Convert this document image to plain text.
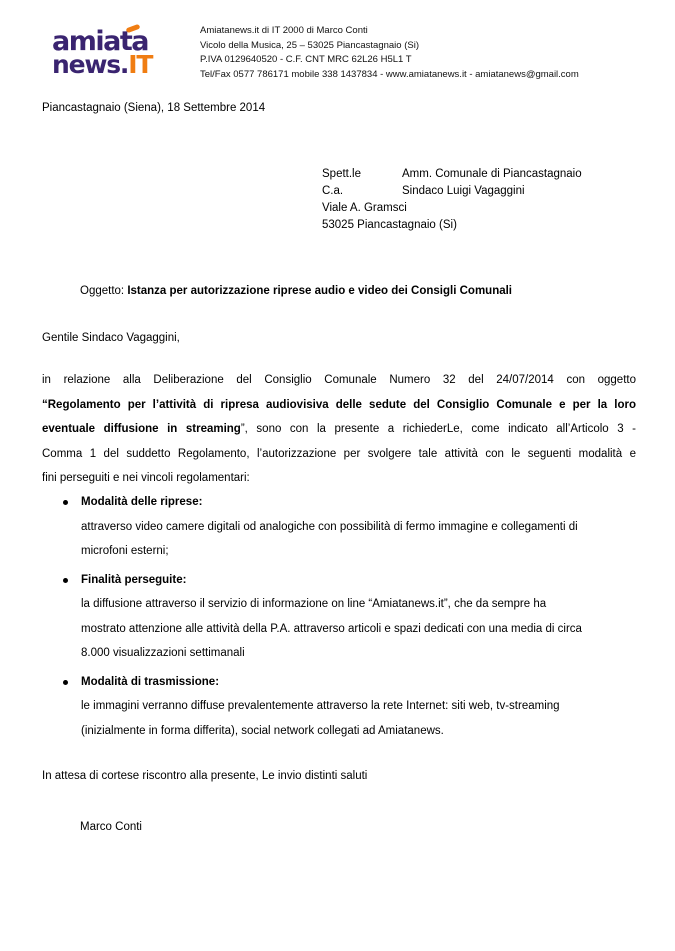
amiata
news.IT
Amiatanews.it di IT 2000 di Marco Conti
Vicolo della Musica, 25 – 53025 Piancastagnaio (Si)
P.IVA 0129640520 - C.F. CNT MRC 62L26 H5L1 T
Tel/Fax 0577 786171 mobile 338 1437834 - www.amiatanews.it - amiatanews@gmail.com
Piancastagnaio (Siena), 18 Settembre 2014
Spett.le	Amm. Comunale di Piancastagnaio
C.a.	Sindaco Luigi Vagaggini
Viale A. Gramsci
53025 Piancastagnaio (Si)
Oggetto: Istanza per autorizzazione riprese audio e video dei Consigli Comunali
Gentile Sindaco Vagaggini,
in relazione alla Deliberazione del Consiglio Comunale Numero 32 del 24/07/2014 con oggetto
“Regolamento per l’attività di ripresa audiovisiva delle sedute del Consiglio Comunale e per la loro
eventuale diffusione in streaming”, sono con la presente a richiederLe, come indicato all’Articolo 3 -
Comma 1 del suddetto Regolamento, l’autorizzazione per svolgere tale attività con le seguenti modalità e
fini perseguiti e nei vincoli regolamentari:
Modalità delle riprese:
attraverso video camere digitali od analogiche con possibilità di fermo immagine e collegamenti di
microfoni esterni;
Finalità perseguite:
la diffusione attraverso il servizio di informazione on line “Amiatanews.it”, che da sempre ha
mostrato attenzione alle attività della P.A. attraverso articoli e spazi dedicati con una media di circa
8.000 visualizzazioni settimanali
Modalità di trasmissione:
le immagini verranno diffuse prevalentemente attraverso la rete Internet: siti web, tv-streaming
(inizialmente in forma differita), social network collegati ad Amiatanews.
In attesa di cortese riscontro alla presente, Le invio distinti saluti
Marco Conti
